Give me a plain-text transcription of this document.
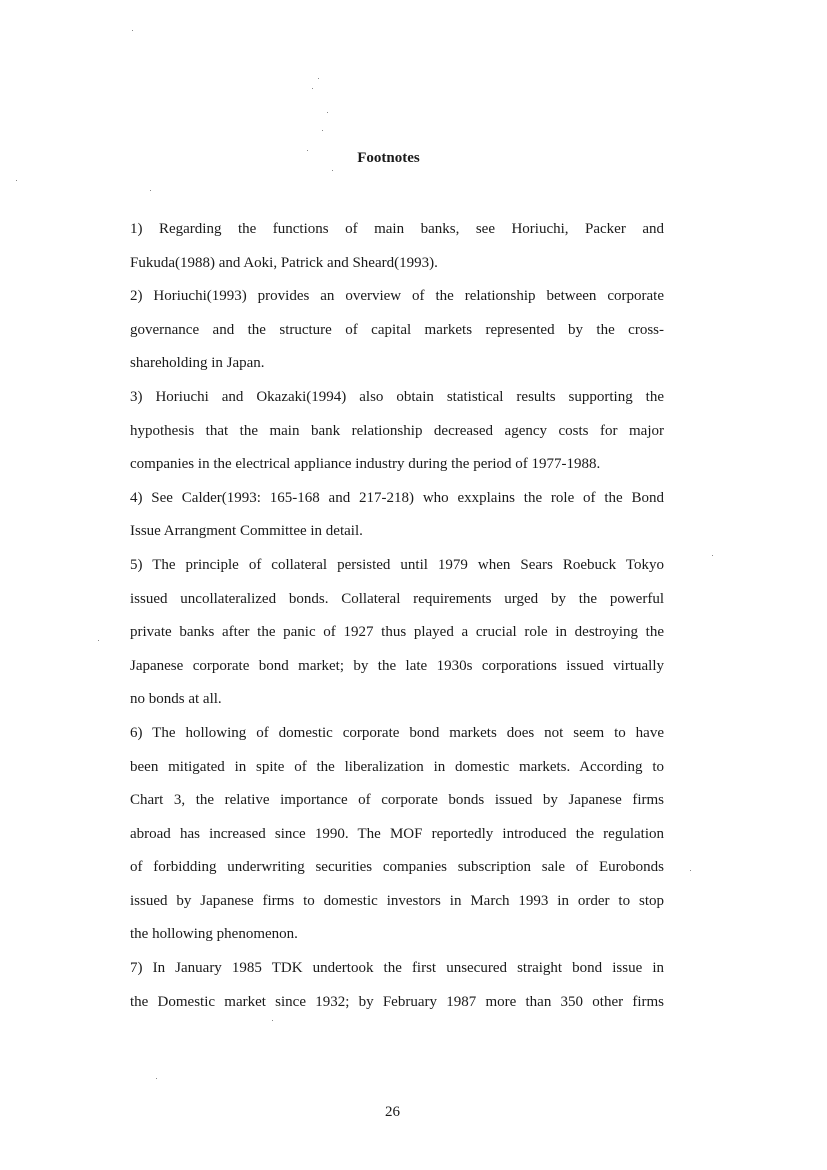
Footnotes
1) Regarding the functions of main banks, see Horiuchi, Packer and
Fukuda(1988) and Aoki, Patrick and Sheard(1993).
2) Horiuchi(1993) provides an overview of the relationship between corporate
governance and the structure of capital markets represented by the cross-
shareholding in Japan.
3) Horiuchi and Okazaki(1994) also obtain statistical results supporting the
hypothesis that the main bank relationship decreased agency costs for major
companies in the electrical appliance industry during the period of 1977-1988.
4) See Calder(1993: 165-168 and 217-218) who exxplains the role of the Bond
Issue Arrangment Committee in detail.
5) The principle of collateral persisted until 1979 when Sears Roebuck Tokyo
issued uncollateralized bonds. Collateral requirements urged by the powerful
private banks after the panic of 1927 thus played a crucial role in destroying the
Japanese corporate bond market; by the late 1930s corporations issued virtually
no bonds at all.
6) The hollowing of domestic corporate bond markets does not seem to have
been mitigated in spite of the liberalization in domestic markets. According to
Chart 3, the relative importance of corporate bonds issued by Japanese firms
abroad has increased since 1990. The MOF reportedly introduced the regulation
of forbidding underwriting securities companies subscription sale of Eurobonds
issued by Japanese firms to domestic investors in March 1993 in order to stop
the hollowing phenomenon.
7) In January 1985 TDK undertook the first unsecured straight bond issue in
the Domestic market since 1932; by February 1987 more than 350 other firms
26
